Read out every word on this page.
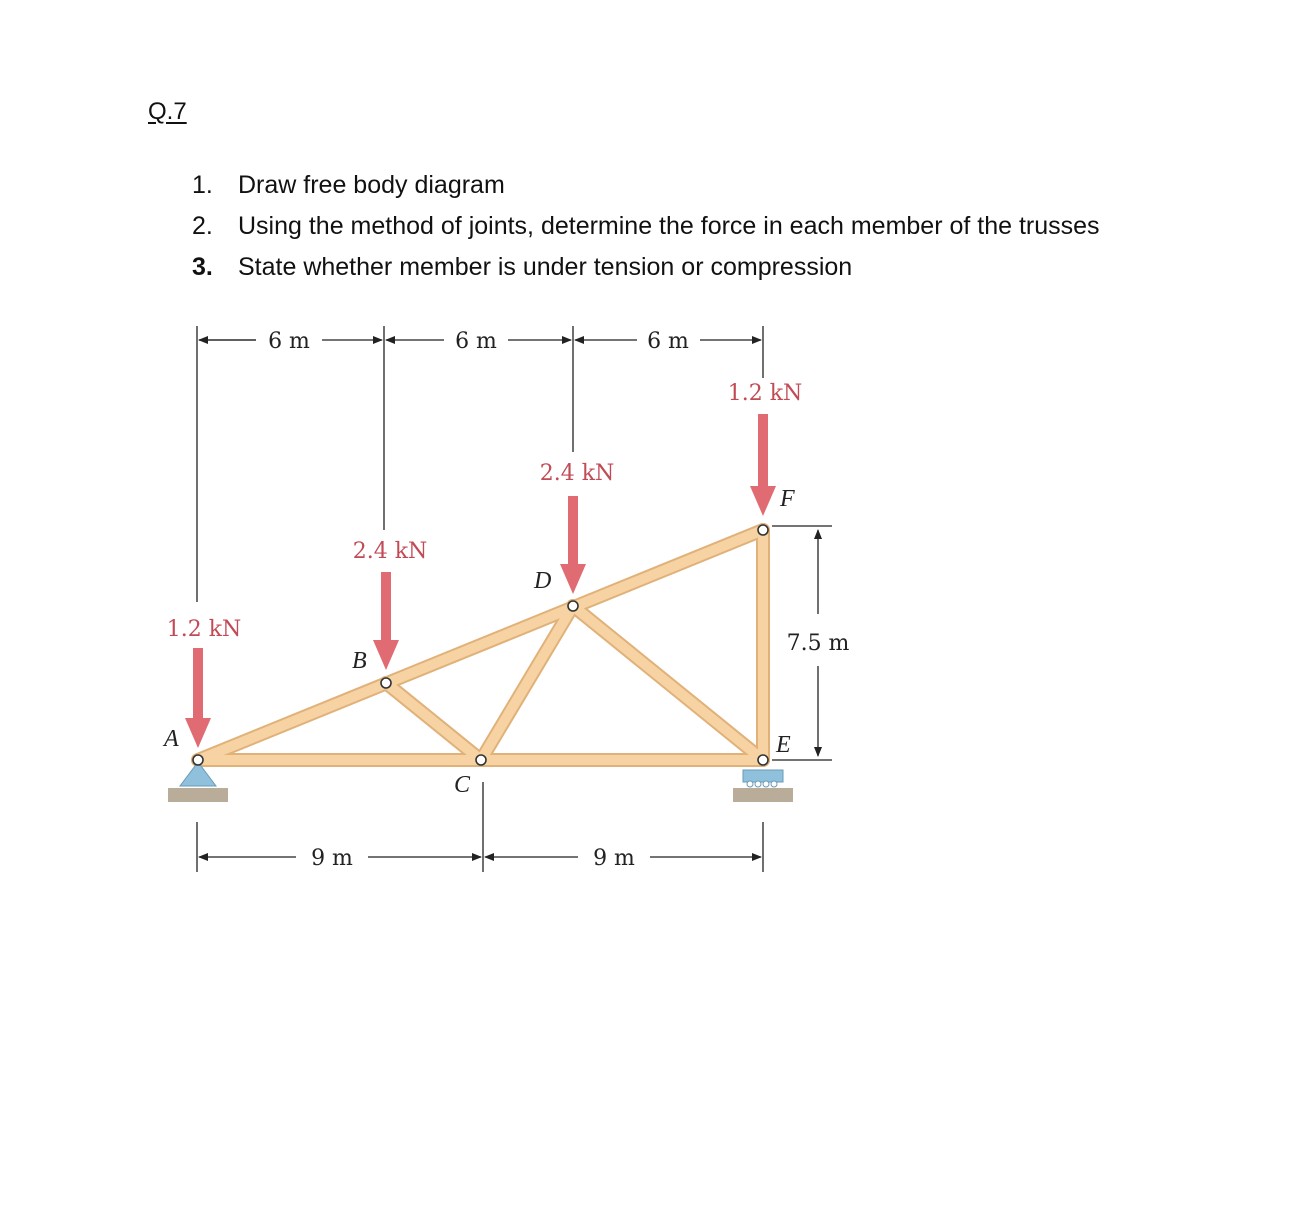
Q.7
1. Draw free body diagram
2. Using the method of joints, determine the force in each member of the trusses
3. State whether member is under tension or compression
6 m	6 m	6 m
1.2 kN
2.4 kN
2.4 kN
1.2 kN
A
B
C
D
E
F
7.5 m
9 m	9 m
